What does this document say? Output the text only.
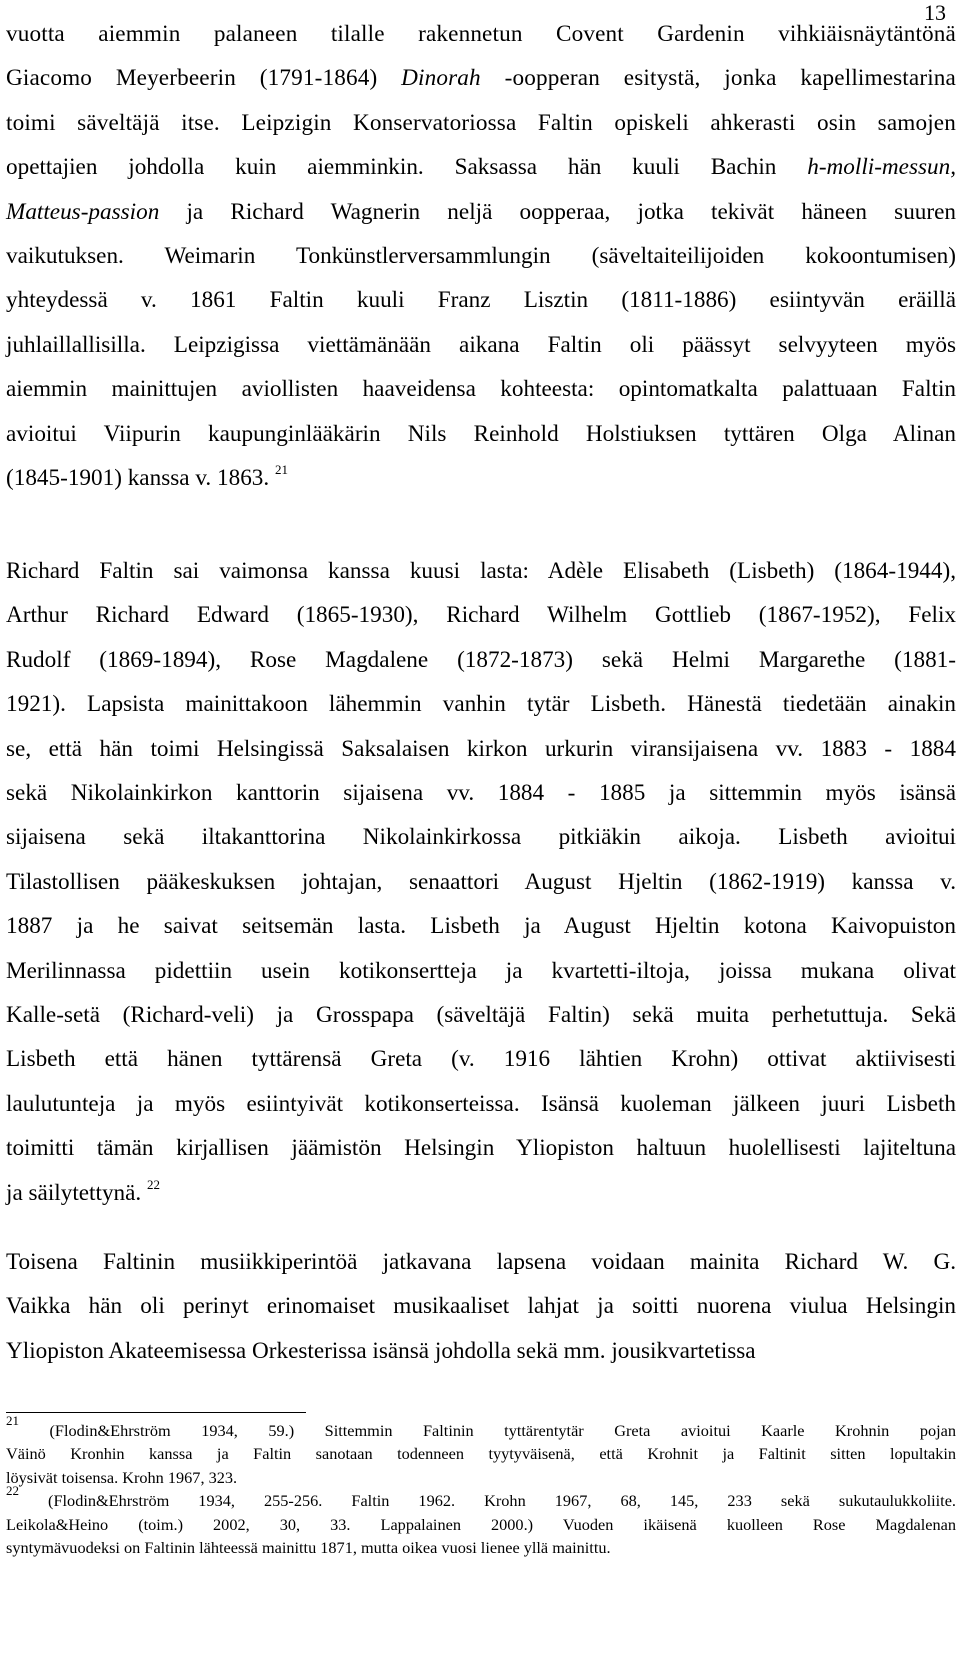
13
vuotta aiemmin palaneen tilalle rakennetun Covent Gardenin vihkiäisnäytäntönä
Giacomo Meyerbeerin (1791-1864) Dinorah -oopperan esitystä, jonka kapellimestarina
toimi säveltäjä itse. Leipzigin Konservatoriossa Faltin opiskeli ahkerasti osin samojen
opettajien johdolla kuin aiemminkin. Saksassa hän kuuli Bachin h-molli-messun,
Matteus-passion ja Richard Wagnerin neljä oopperaa, jotka tekivät häneen suuren
vaikutuksen. Weimarin Tonkünstlerversammlungin (säveltaiteilijoiden kokoontumisen)
yhteydessä v. 1861 Faltin kuuli Franz Lisztin (1811-1886) esiintyvän eräillä
juhlaillallisilla. Leipzigissa viettämänään aikana Faltin oli päässyt selvyyteen myös
aiemmin mainittujen aviollisten haaveidensa kohteesta: opintomatkalta palattuaan Faltin
avioitui Viipurin kaupunginlääkärin Nils Reinhold Holstiuksen tyttären Olga Alinan
(1845-1901) kanssa v. 1863. $^{21}$
Richard Faltin sai vaimonsa kanssa kuusi lasta: Adèle Elisabeth (Lisbeth) (1864-1944),
Arthur Richard Edward (1865-1930), Richard Wilhelm Gottlieb (1867-1952), Felix
Rudolf (1869-1894), Rose Magdalene (1872-1873) sekä Helmi Margarethe (1881-
1921). Lapsista mainittakoon lähemmin vanhin tytär Lisbeth. Hänestä tiedetään ainakin
se, että hän toimi Helsingissä Saksalaisen kirkon urkurin viransijaisena vv. 1883 - 1884
sekä Nikolainkirkon kanttorin sijaisena vv. 1884 - 1885 ja sittemmin myös isänsä
sijaisena sekä iltakanttorina Nikolainkirkossa pitkiäkin aikoja. Lisbeth avioitui
Tilastollisen pääkeskuksen johtajan, senaattori August Hjeltin (1862-1919) kanssa v.
1887 ja he saivat seitsemän lasta. Lisbeth ja August Hjeltin kotona Kaivopuiston
Merilinnassa pidettiin usein kotikonsertteja ja kvartetti-iltoja, joissa mukana olivat
Kalle-setä (Richard-veli) ja Grosspapa (säveltäjä Faltin) sekä muita perhetuttuja. Sekä
Lisbeth että hänen tyttärensä Greta (v. 1916 lähtien Krohn) ottivat aktiivisesti
laulutunteja ja myös esiintyivät kotikonserteissa. Isänsä kuoleman jälkeen juuri Lisbeth
toimitti tämän kirjallisen jäämistön Helsingin Yliopiston haltuun huolellisesti lajiteltuna
ja säilytettynä. $^{22}$
Toisena Faltinin musiikkiperintöä jatkavana lapsena voidaan mainita Richard W. G.
Vaikka hän oli perinyt erinomaiset musikaaliset lahjat ja soitti nuorena viulua Helsingin
Yliopiston Akateemisessa Orkesterissa isänsä johdolla sekä mm. jousikvartetissa
$^{21}$ (Flodin&Ehrström 1934, 59.) Sittemmin Faltinin tyttärentytär Greta avioitui Kaarle Krohnin pojan
Väinö Kronhin kanssa ja Faltin sanotaan todenneen tyytyväisenä, että Krohnit ja Faltinit sitten lopultakin
löysivät toisensa. Krohn 1967, 323.
$^{22}$ (Flodin&Ehrström 1934, 255-256. Faltin 1962. Krohn 1967, 68, 145, 233 sekä sukutaulukkoliite.
Leikola&Heino (toim.) 2002, 30, 33. Lappalainen 2000.) Vuoden ikäisenä kuolleen Rose Magdalenan
syntymävuodeksi on Faltinin lähteessä mainittu 1871, mutta oikea vuosi lienee yllä mainittu.
